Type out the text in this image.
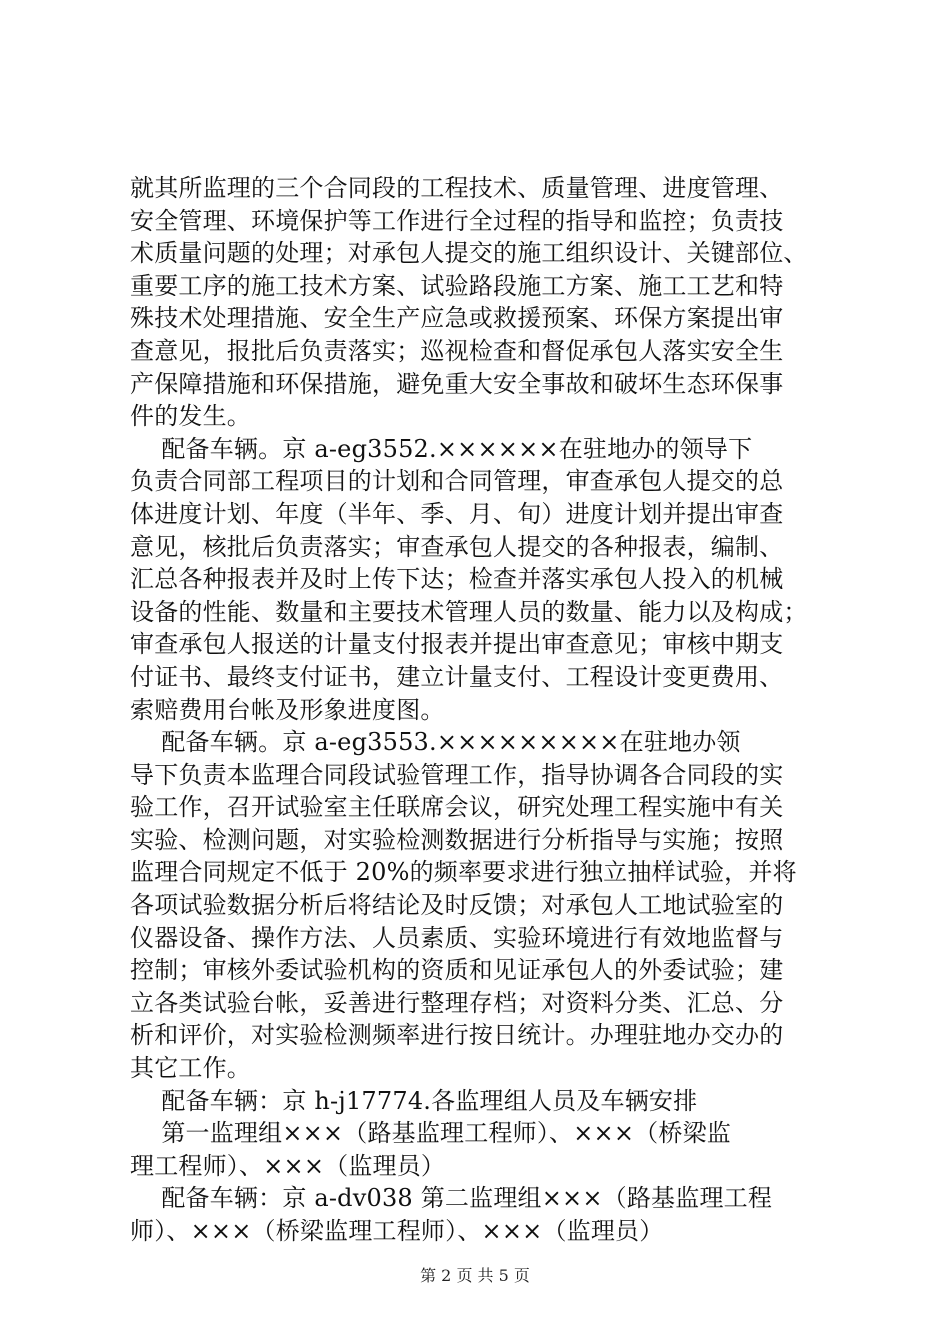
就其所监理的三个合同段的工程技术、质量管理、进度管理、
安全管理、环境保护等工作进行全过程的指导和监控；负责技
术质量问题的处理；对承包人提交的施工组织设计、关键部位、
重要工序的施工技术方案、试验路段施工方案、施工工艺和特
殊技术处理措施、安全生产应急或救援预案、环保方案提出审
查意见，报批后负责落实；巡视检查和督促承包人落实安全生
产保障措施和环保措施，避免重大安全事故和破坏生态环保事
件的发生。
配备车辆。京 a-eg3552.××××××在驻地办的领导下
负责合同部工程项目的计划和合同管理，审查承包人提交的总
体进度计划、年度（半年、季、月、旬）进度计划并提出审查
意见，核批后负责落实；审查承包人提交的各种报表，编制、
汇总各种报表并及时上传下达；检查并落实承包人投入的机械
设备的性能、数量和主要技术管理人员的数量、能力以及构成；
审查承包人报送的计量支付报表并提出审查意见；审核中期支
付证书、最终支付证书，建立计量支付、工程设计变更费用、
索赔费用台帐及形象进度图。
配备车辆。京 a-eg3553.×××××××××在驻地办领
导下负责本监理合同段试验管理工作，指导协调各合同段的实
验工作，召开试验室主任联席会议，研究处理工程实施中有关
实验、检测问题，对实验检测数据进行分析指导与实施；按照
监理合同规定不低于 20%的频率要求进行独立抽样试验，并将
各项试验数据分析后将结论及时反馈；对承包人工地试验室的
仪器设备、操作方法、人员素质、实验环境进行有效地监督与
控制；审核外委试验机构的资质和见证承包人的外委试验；建
立各类试验台帐，妥善进行整理存档；对资料分类、汇总、分
析和评价，对实验检测频率进行按日统计。办理驻地办交办的
其它工作。
配备车辆：京 h-j17774.各监理组人员及车辆安排
第一监理组×××（路基监理工程师）、×××（桥梁监
理工程师）、×××（监理员）
配备车辆：京 a-dv038 第二监理组×××（路基监理工程
师）、×××（桥梁监理工程师）、×××（监理员）
第 2 页 共 5 页
